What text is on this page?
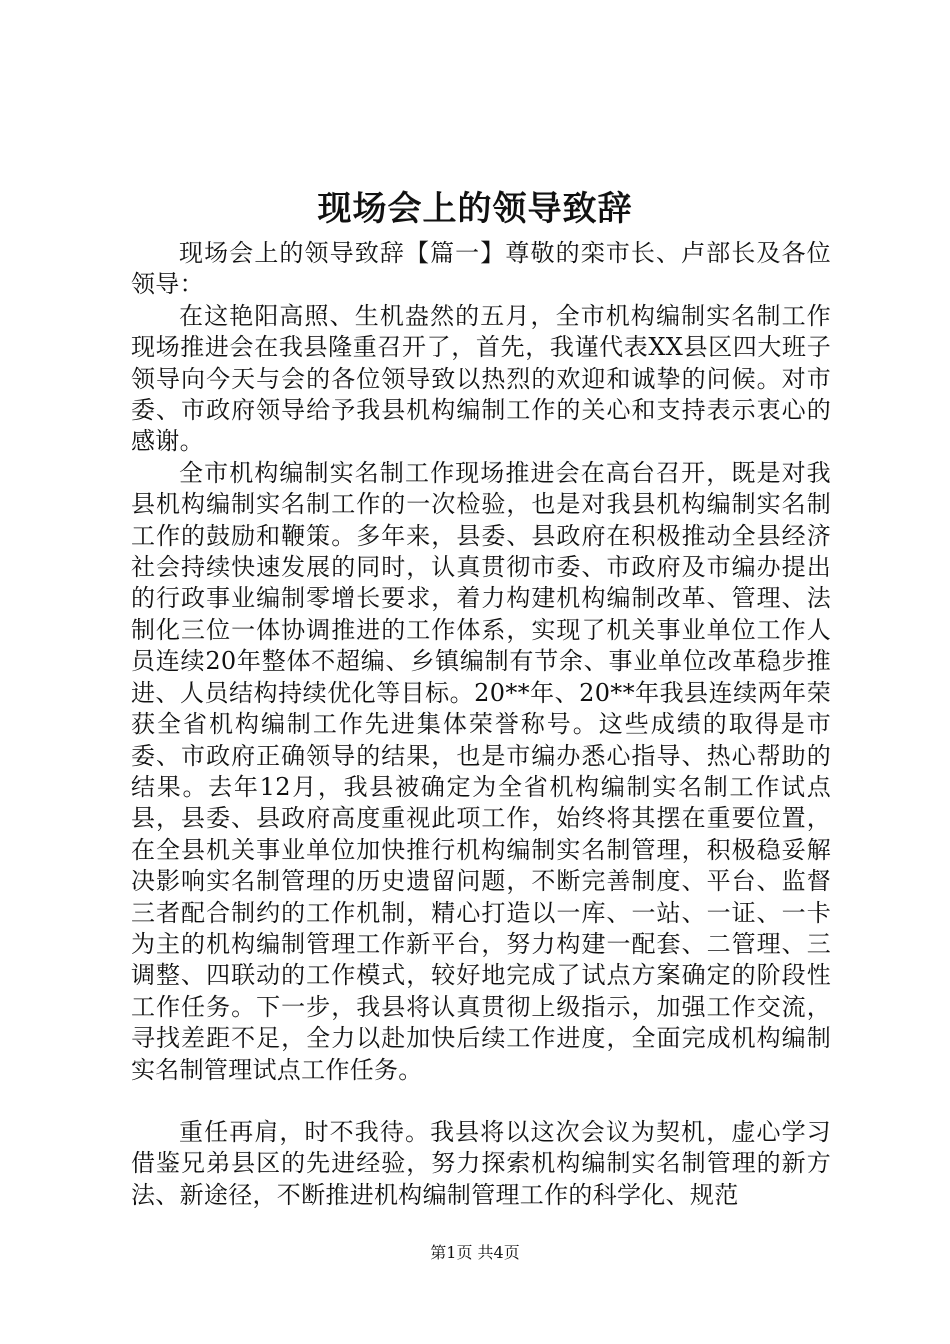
现场会上的领导致辞

现场会上的领导致辞【篇一】尊敬的栾市长、卢部长及各位领导：

在这艳阳高照、生机盎然的五月，全市机构编制实名制工作现场推进会在我县隆重召开了，首先，我谨代表XX县区四大班子领导向今天与会的各位领导致以热烈的欢迎和诚挚的问候。对市委、市政府领导给予我县机构编制工作的关心和支持表示衷心的感谢。

全市机构编制实名制工作现场推进会在高台召开，既是对我县机构编制实名制工作的一次检验，也是对我县机构编制实名制工作的鼓励和鞭策。多年来，县委、县政府在积极推动全县经济社会持续快速发展的同时，认真贯彻市委、市政府及市编办提出的行政事业编制零增长要求，着力构建机构编制改革、管理、法制化三位一体协调推进的工作体系，实现了机关事业单位工作人员连续20年整体不超编、乡镇编制有节余、事业单位改革稳步推进、人员结构持续优化等目标。20**年、20**年我县连续两年荣获全省机构编制工作先进集体荣誉称号。这些成绩的取得是市委、市政府正确领导的结果，也是市编办悉心指导、热心帮助的结果。去年12月，我县被确定为全省机构编制实名制工作试点县，县委、县政府高度重视此项工作，始终将其摆在重要位置，在全县机关事业单位加快推行机构编制实名制管理，积极稳妥解决影响实名制管理的历史遗留问题，不断完善制度、平台、监督三者配合制约的工作机制，精心打造以一库、一站、一证、一卡为主的机构编制管理工作新平台，努力构建一配套、二管理、三调整、四联动的工作模式，较好地完成了试点方案确定的阶段性工作任务。下一步，我县将认真贯彻上级指示，加强工作交流，寻找差距不足，全力以赴加快后续工作进度，全面完成机构编制实名制管理试点工作任务。

重任再肩，时不我待。我县将以这次会议为契机，虚心学习借鉴兄弟县区的先进经验，努力探索机构编制实名制管理的新方法、新途径，不断推进机构编制管理工作的科学化、规范

第1页 共4页
